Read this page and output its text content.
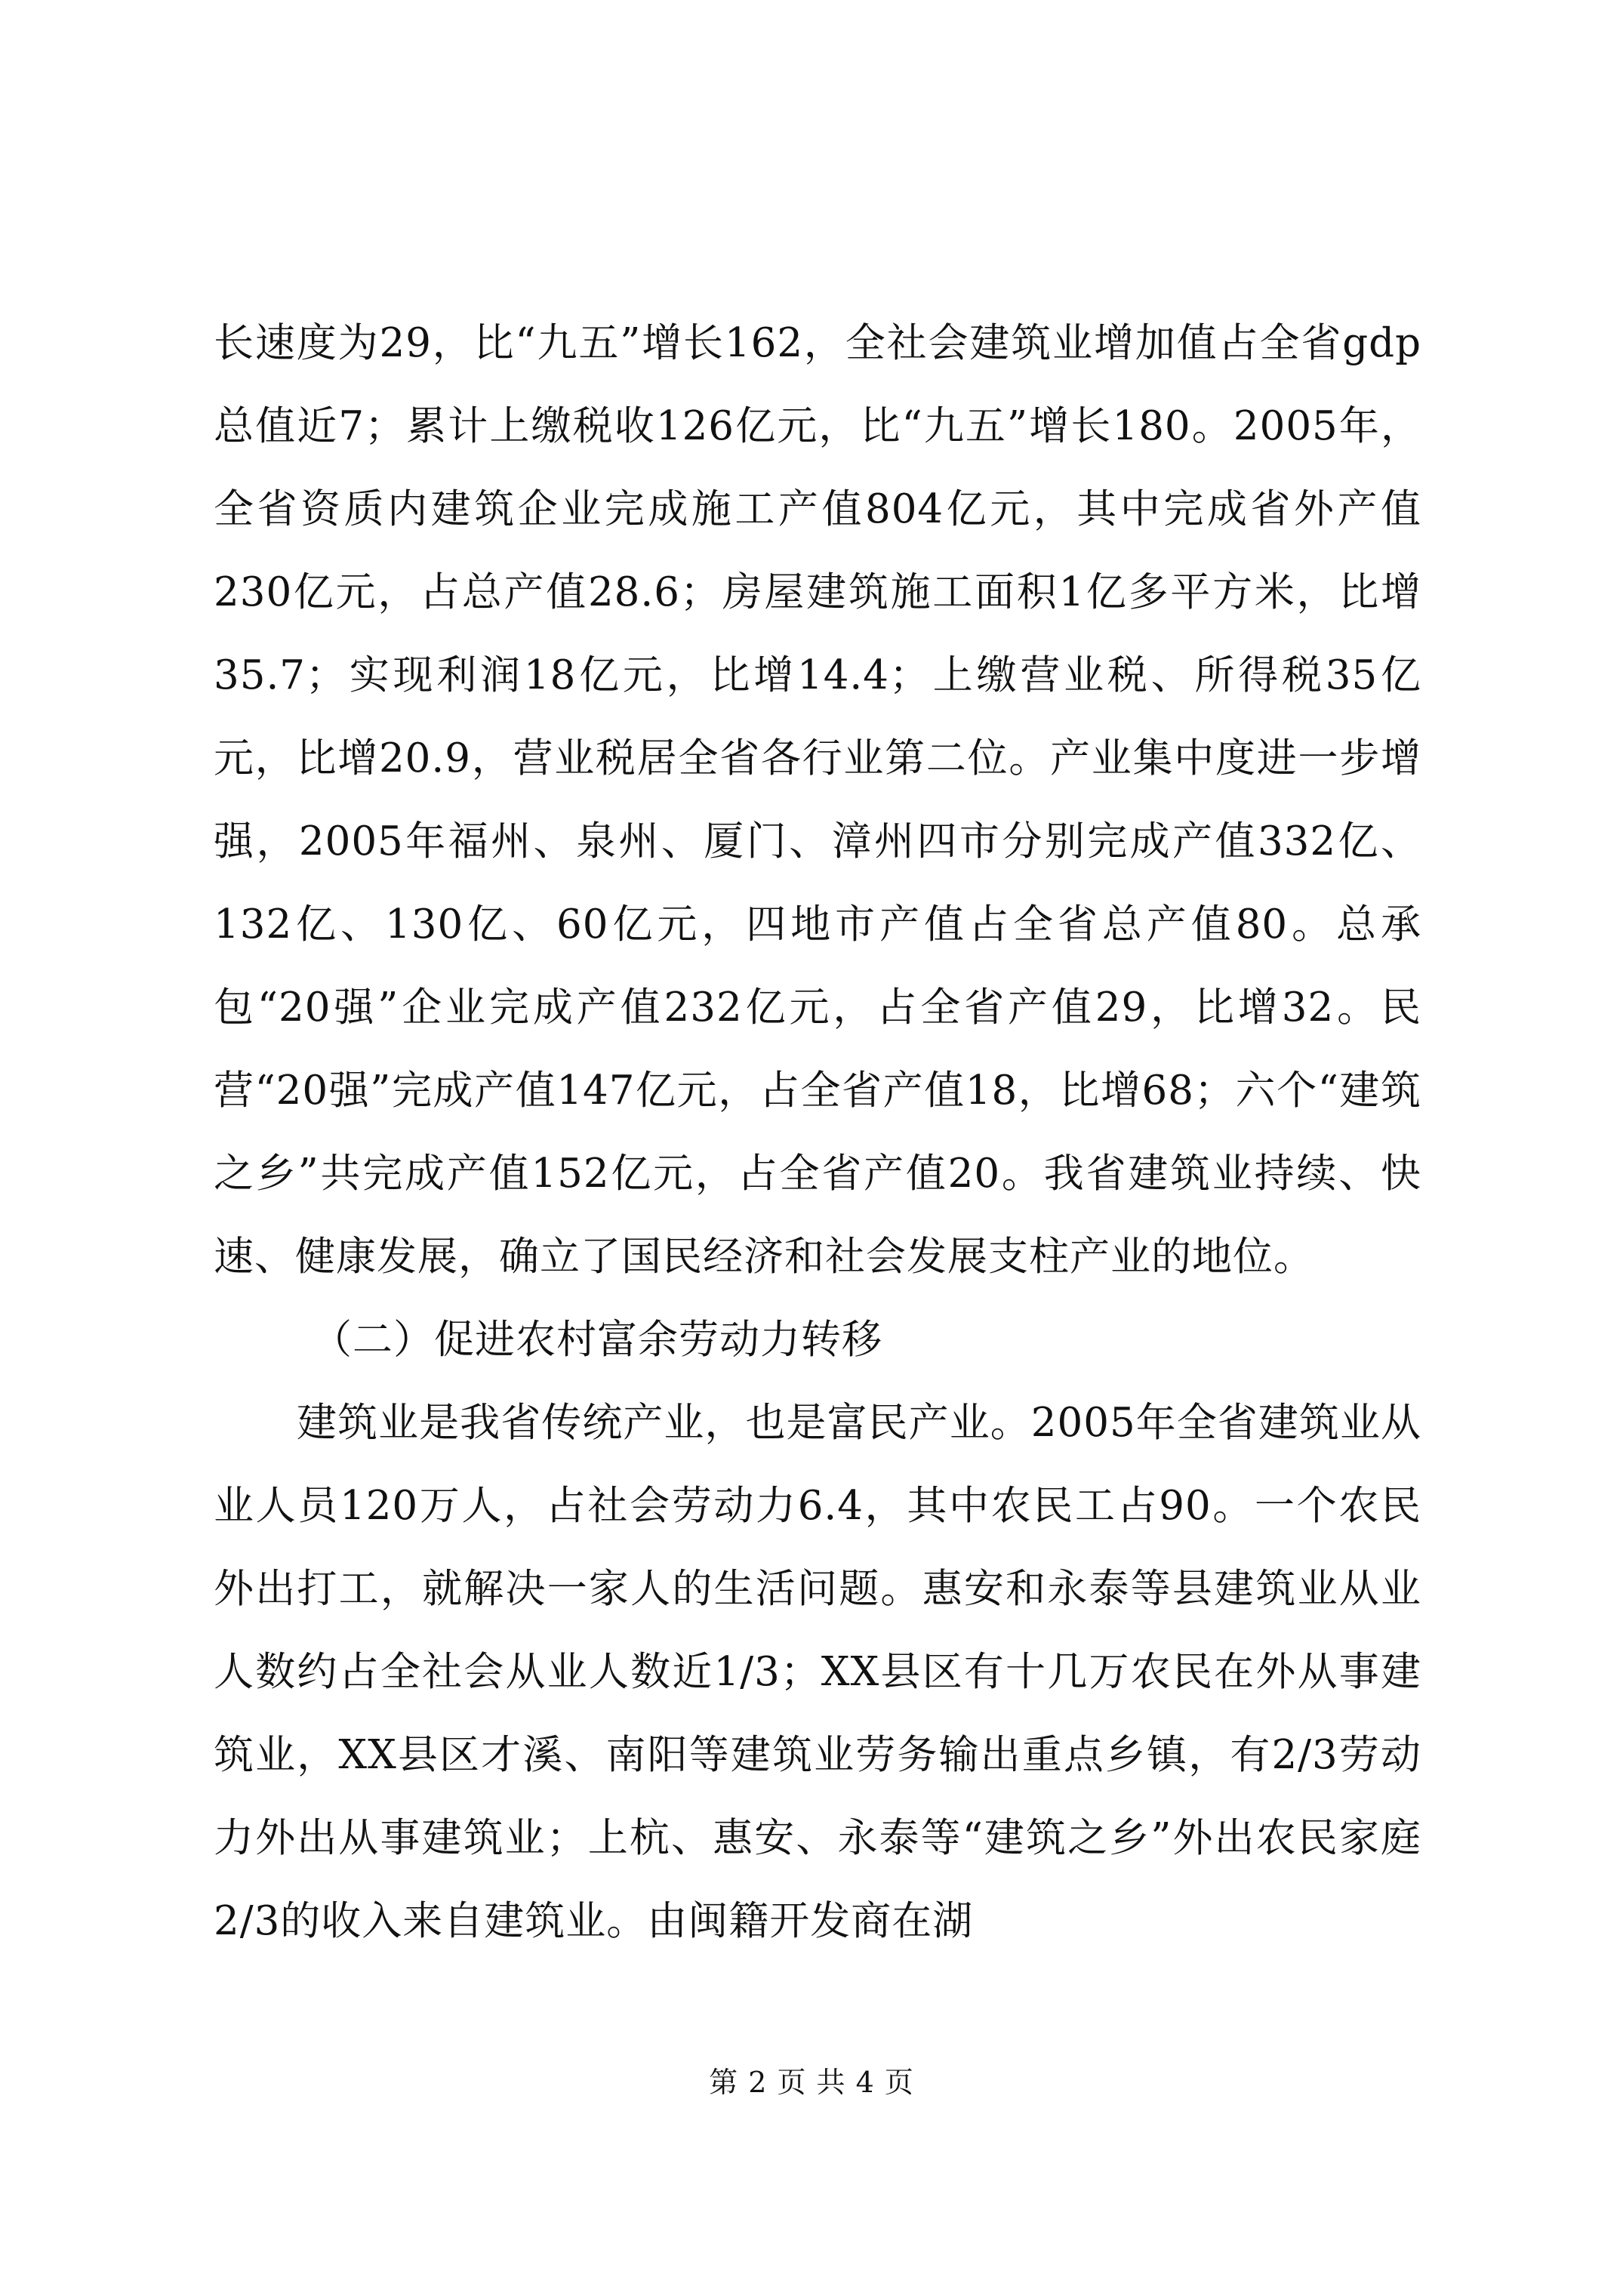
长速度为29，比“九五”增长162，全社会建筑业增加值占全省gdp总值近7；累计上缴税收126亿元，比“九五”增长180。2005年，全省资质内建筑企业完成施工产值804亿元，其中完成省外产值230亿元，占总产值28.6；房屋建筑施工面积1亿多平方米，比增35.7；实现利润18亿元，比增14.4；上缴营业税、所得税35亿元，比增20.9，营业税居全省各行业第二位。产业集中度进一步增强，2005年福州、泉州、厦门、漳州四市分别完成产值332亿、132亿、130亿、60亿元，四地市产值占全省总产值80。总承包“20强”企业完成产值232亿元，占全省产值29，比增32。民营“20强”完成产值147亿元，占全省产值18，比增68；六个“建筑之乡”共完成产值152亿元，占全省产值20。我省建筑业持续、快速、健康发展，确立了国民经济和社会发展支柱产业的地位。

（二）促进农村富余劳动力转移

建筑业是我省传统产业，也是富民产业。2005年全省建筑业从业人员120万人，占社会劳动力6.4，其中农民工占90。一个农民外出打工，就解决一家人的生活问题。惠安和永泰等县建筑业从业人数约占全社会从业人数近1/3；XX县区有十几万农民在外从事建筑业，XX县区才溪、南阳等建筑业劳务输出重点乡镇，有2/3劳动力外出从事建筑业；上杭、惠安、永泰等“建筑之乡”外出农民家庭2/3的收入来自建筑业。由闽籍开发商在湖

第 2 页 共 4 页
